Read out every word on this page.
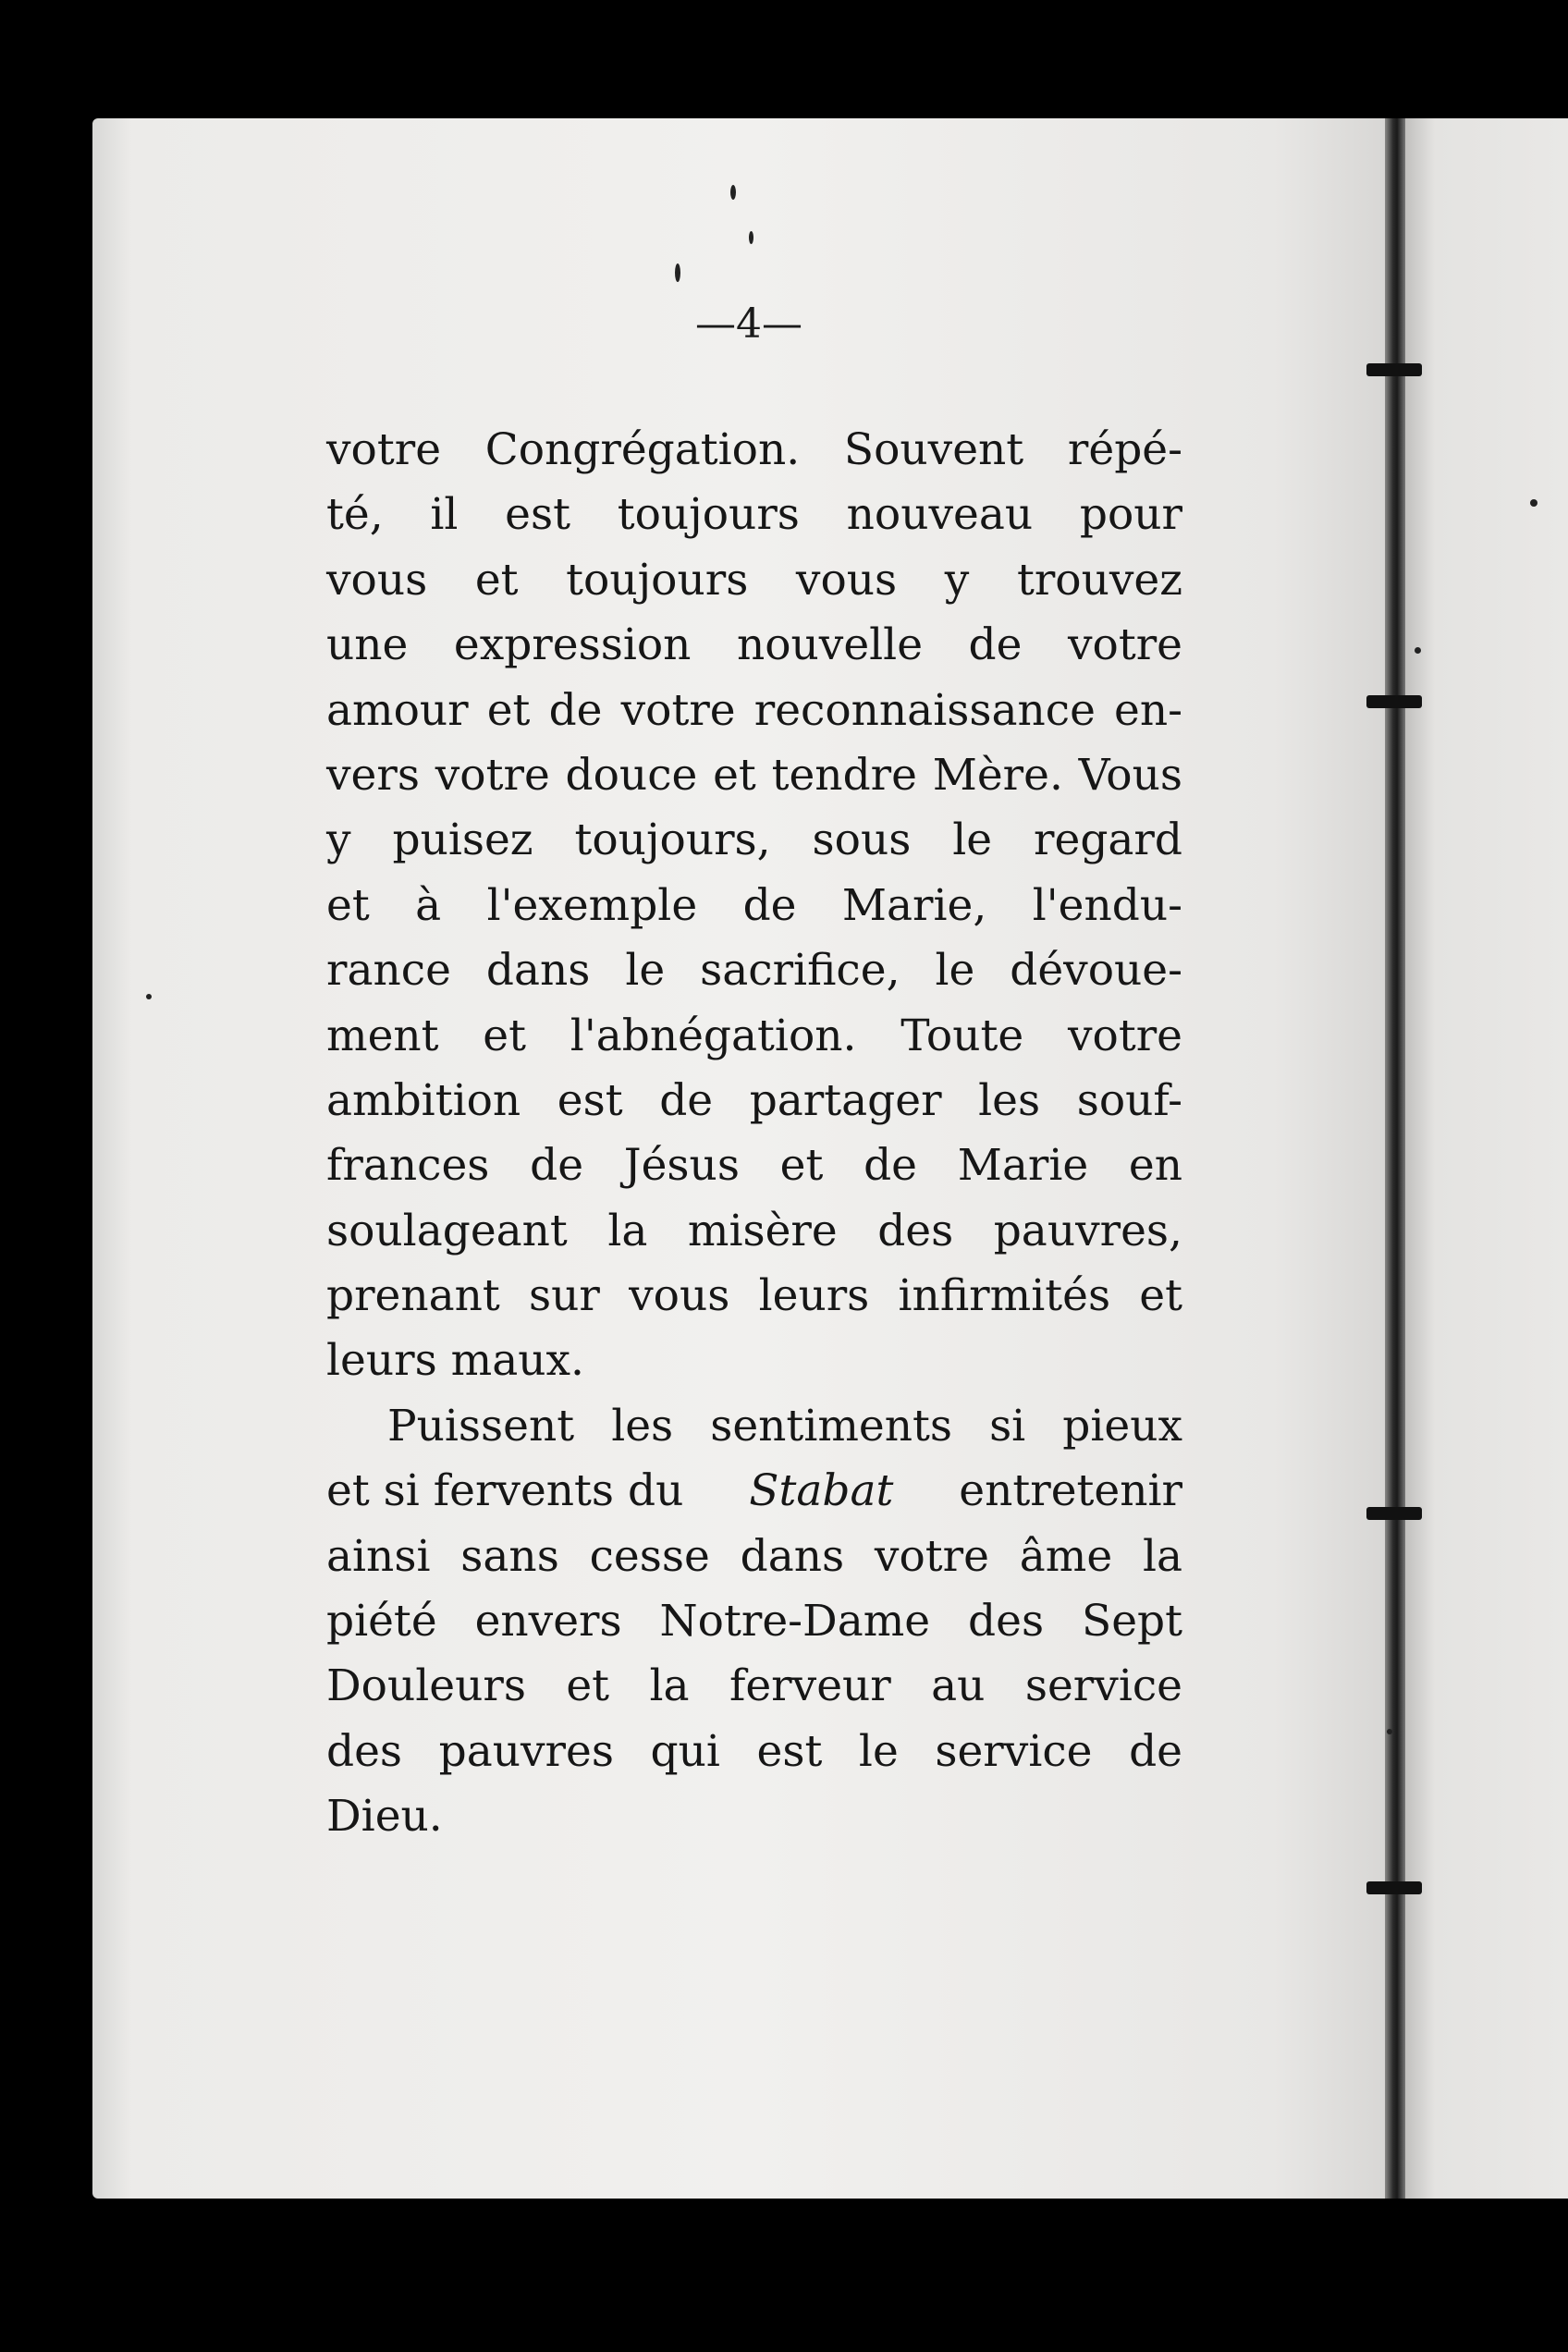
—4—
votre Congrégation. Souvent répé-
té, il est toujours nouveau pour
vous et toujours vous y trouvez
une expression nouvelle de votre
amour et de votre reconnaissance en-
vers votre douce et tendre Mère. Vous
y puisez toujours, sous le regard
et à l'exemple de Marie, l'endu-
rance dans le sacrifice, le dévoue-
ment et l'abnégation. Toute votre
ambition est de partager les souf-
frances de Jésus et de Marie en
soulageant la misère des pauvres,
prenant sur vous leurs infirmités et
leurs maux.
Puissent les sentiments si pieux
et si fervents du Stabat entretenir
ainsi sans cesse dans votre âme la
piété envers Notre-Dame des Sept
Douleurs et la ferveur au service
des pauvres qui est le service de
Dieu.
